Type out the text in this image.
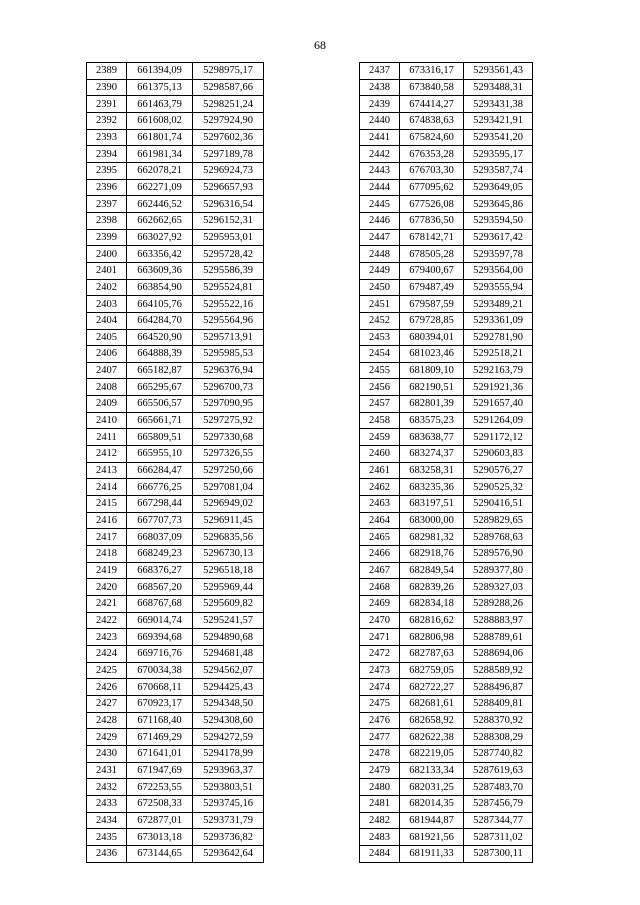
68
2389	661394,09	5298975,17
2390	661375,13	5298587,66
2391	661463,79	5298251,24
2392	661608,02	5297924,90
2393	661801,74	5297602,36
2394	661981,34	5297189,78
2395	662078,21	5296924,73
2396	662271,09	5296657,93
2397	662446,52	5296316,54
2398	662662,65	5296152,31
2399	663027,92	5295953,01
2400	663356,42	5295728,42
2401	663609,36	5295586,39
2402	663854,90	5295524,81
2403	664105,76	5295522,16
2404	664284,70	5295564,96
2405	664520,90	5295713,91
2406	664888,39	5295985,53
2407	665182,87	5296376,94
2408	665295,67	5296700,73
2409	665506,57	5297090,95
2410	665661,71	5297275,92
2411	665809,51	5297330,68
2412	665955,10	5297326,55
2413	666284,47	5297250,66
2414	666776,25	5297081,04
2415	667298,44	5296949,02
2416	667707,73	5296911,45
2417	668037,09	5296835,56
2418	668249,23	5296730,13
2419	668376,27	5296518,18
2420	668567,20	5295969,44
2421	668767,68	5295609,82
2422	669014,74	5295241,57
2423	669394,68	5294890,68
2424	669716,76	5294681,48
2425	670034,38	5294562,07
2426	670668,11	5294425,43
2427	670923,17	5294348,50
2428	671168,40	5294308,60
2429	671469,29	5294272,59
2430	671641,01	5294178,99
2431	671947,69	5293963,37
2432	672253,55	5293803,51
2433	672508,33	5293745,16
2434	672877,01	5293731,79
2435	673013,18	5293736,82
2436	673144,65	5293642,64
2437	673316,17	5293561,43
2438	673840,58	5293488,31
2439	674414,27	5293431,38
2440	674838,63	5293421,91
2441	675824,60	5293541,20
2442	676353,28	5293595,17
2443	676703,30	5293587,74
2444	677095,62	5293649,05
2445	677526,08	5293645,86
2446	677836,50	5293594,50
2447	678142,71	5293617,42
2448	678505,28	5293597,78
2449	679400,67	5293564,00
2450	679487,49	5293555,94
2451	679587,59	5293489,21
2452	679728,85	5293361,09
2453	680394,01	5292781,90
2454	681023,46	5292518,21
2455	681809,10	5292163,79
2456	682190,51	5291921,36
2457	682801,39	5291657,40
2458	683575,23	5291264,09
2459	683638,77	5291172,12
2460	683274,37	5290603,83
2461	683258,31	5290576,27
2462	683235,36	5290525,32
2463	683197,51	5290416,51
2464	683000,00	5289829,65
2465	682981,32	5289768,63
2466	682918,76	5289576,90
2467	682849,54	5289377,80
2468	682839,26	5289327,03
2469	682834,18	5289288,26
2470	682816,62	5288883,97
2471	682806,98	5288789,61
2472	682787,63	5288694,06
2473	682759,05	5288589,92
2474	682722,27	5288496,87
2475	682681,61	5288409,81
2476	682658,92	5288370,92
2477	682622,38	5288308,29
2478	682219,05	5287740,82
2479	682133,34	5287619,63
2480	682031,25	5287483,70
2481	682014,35	5287456,79
2482	681944,87	5287344,77
2483	681921,56	5287311,02
2484	681911,33	5287300,11
